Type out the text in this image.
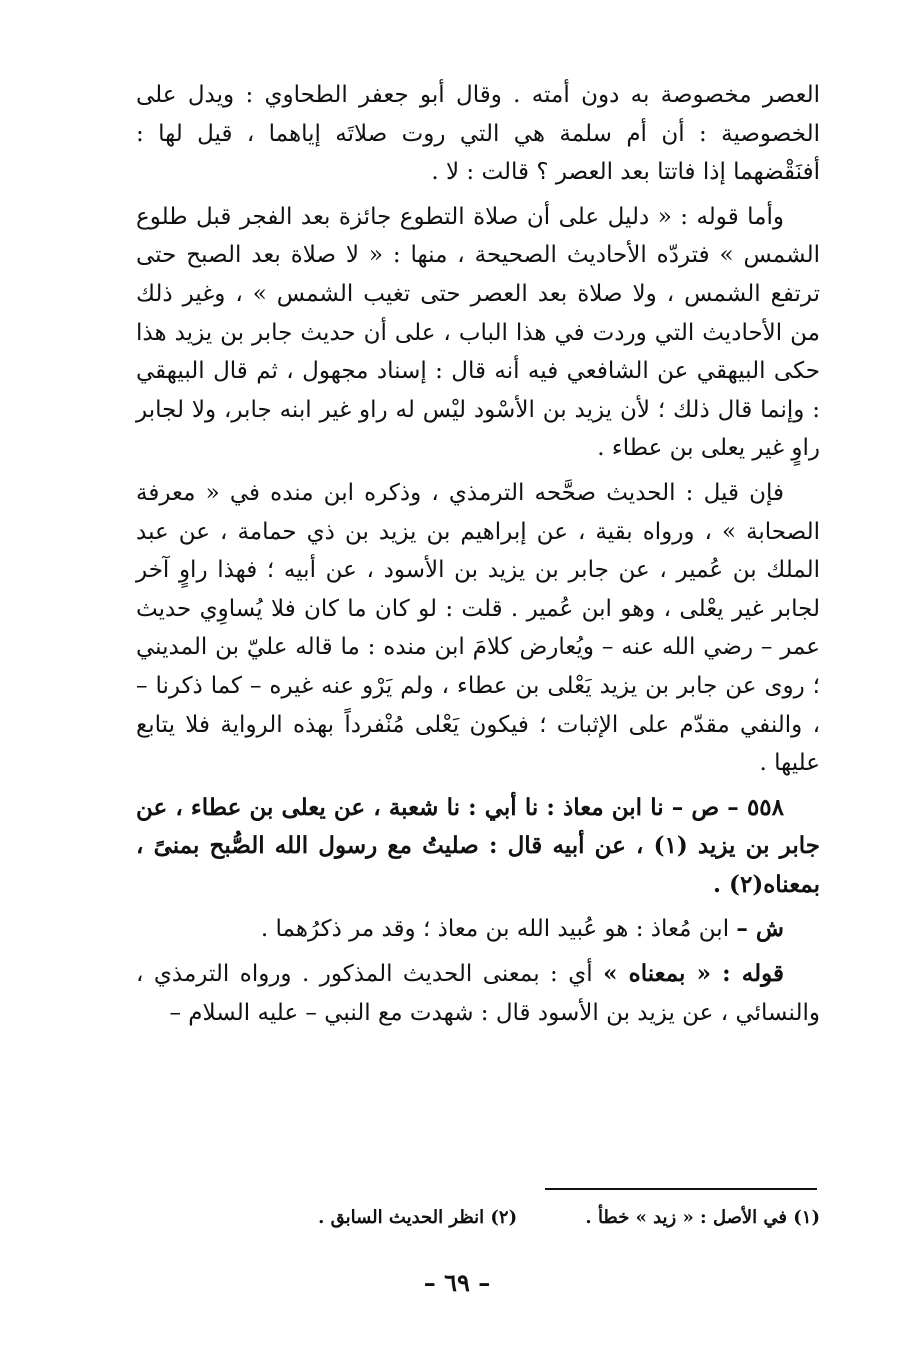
العصر مخصوصة به دون أمته . وقال أبو جعفر الطحاوي : ويدل على الخصوصية : أن أم سلمة هي التي روت صلاتَه إياهما ، قيل لها : أفنَقْضهما إذا فاتتا بعد العصر ؟ قالت : لا .

وأما قوله : « دليل على أن صلاة التطوع جائزة بعد الفجر قبل طلوع الشمس » فتردّه الأحاديث الصحيحة ، منها : « لا صلاة بعد الصبح حتى ترتفع الشمس ، ولا صلاة بعد العصر حتى تغيب الشمس » ، وغير ذلك من الأحاديث التي وردت في هذا الباب ، على أن حديث جابر بن يزيد هذا حكى البيهقي عن الشافعي فيه أنه قال : إسناد مجهول ، ثم قال البيهقي : وإنما قال ذلك ؛ لأن يزيد بن الأسْود ليْس له راو غير ابنه جابر، ولا لجابر راوٍ غير يعلى بن عطاء .

فإن قيل : الحديث صحَّحه الترمذي ، وذكره ابن منده في « معرفة الصحابة » ، ورواه بقية ، عن إبراهيم بن يزيد بن ذي حمامة ، عن عبد الملك بن عُمير ، عن جابر بن يزيد بن الأسود ، عن أبيه ؛ فهذا راوٍ آخر لجابر غير يعْلى ، وهو ابن عُمير . قلت : لو كان ما كان فلا يُساوِي حديث عمر – رضي الله عنه – ويُعارض كلامَ ابن منده : ما قاله عليّ بن المديني ؛ روى عن جابر بن يزيد يَعْلى بن عطاء ، ولم يَرْو عنه غيره – كما ذكرنا – ، والنفي مقدّم على الإثبات ؛ فيكون يَعْلى مُنْفرداً بهذه الرواية فلا يتابع عليها .

٥٥٨ – ص – نا ابن معاذ : نا أبي : نا شعبة ، عن يعلى بن عطاء ، عن جابر بن يزيد (١) ، عن أبيه قال : صليتُ مع رسول الله الصُّبح بمنىً ، بمعناه(٢) .

ش – ابن مُعاذ : هو عُبيد الله بن معاذ ؛ وقد مر ذكرُهما .

قوله : « بمعناه » أي : بمعنى الحديث المذكور . ورواه الترمذي ، والنسائي ، عن يزيد بن الأسود قال : شهدت مع النبي – عليه السلام –

(١) في الأصل : « زيد » خطأ . (٢) انظر الحديث السابق .
– ٦٩ –
